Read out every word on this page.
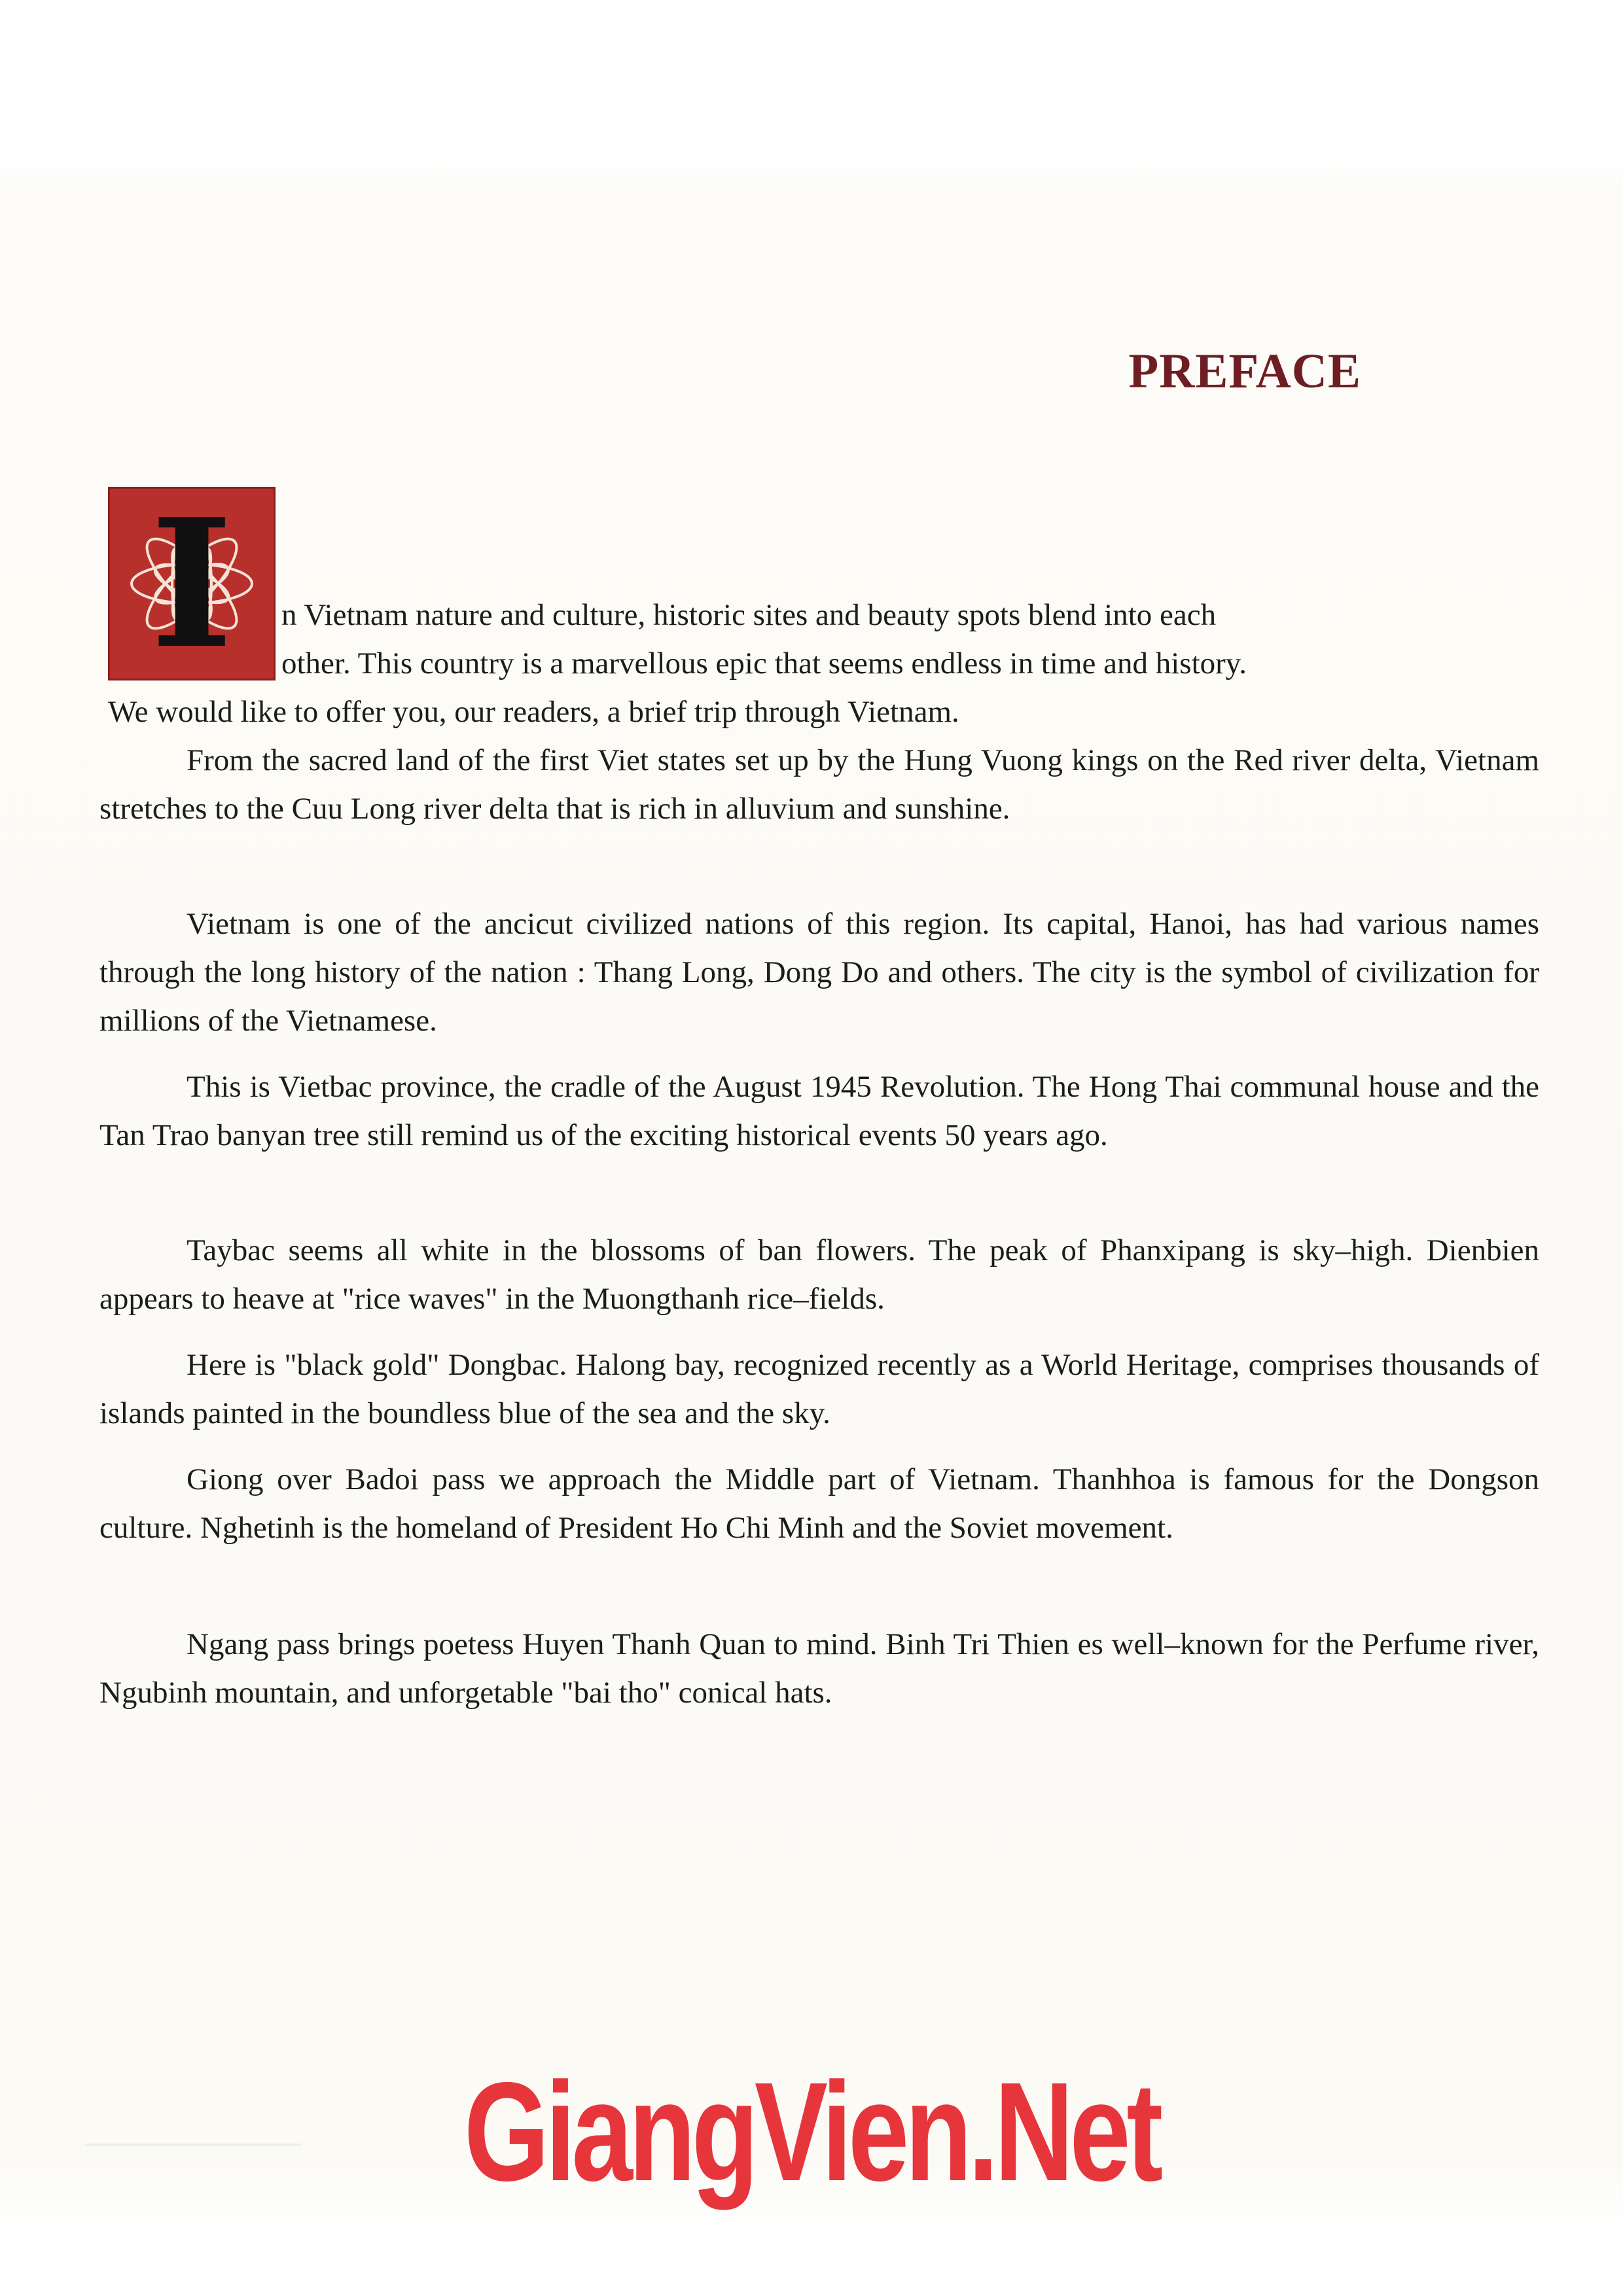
PREFACE
I	n Vietnam nature and culture, historic sites and beauty spots blend into each

other. This country is a marvellous epic that seems endless in time and history.

We would like to offer you, our readers, a brief trip through Vietnam.

From the sacred land of the first Viet states set up by the Hung Vuong kings on the Red river delta, Vietnam stretches to the Cuu Long river delta that is rich in alluvium and sunshine.

Vietnam is one of the ancicut civilized nations of this region. Its capital, Hanoi, has had various names through the long history of the nation : Thang Long, Dong Do and others. The city is the symbol of civilization for millions of the Vietnamese.

This is Vietbac province, the cradle of the August 1945 Revolution. The Hong Thai communal house and the Tan Trao banyan tree still remind us of the exciting historical events 50 years ago.

Taybac seems all white in the blossoms of ban flowers. The peak of Phanxipang is sky–high. Dienbien appears to heave at "rice waves" in the Muongthanh rice–fields.

Here is "black gold" Dongbac. Halong bay, recognized recently as a World Heritage, comprises thousands of islands painted in the boundless blue of the sea and the sky.

Giong over Badoi pass we approach the Middle part of Vietnam. Thanhhoa is famous for the Dongson culture. Nghetinh is the homeland of President Ho Chi Minh and the Soviet movement.

Ngang pass brings poetess Huyen Thanh Quan to mind. Binh Tri Thien es well–known for the Perfume river, Ngubinh mountain, and unforgetable "bai tho" conical hats.

GiangVien.Net
